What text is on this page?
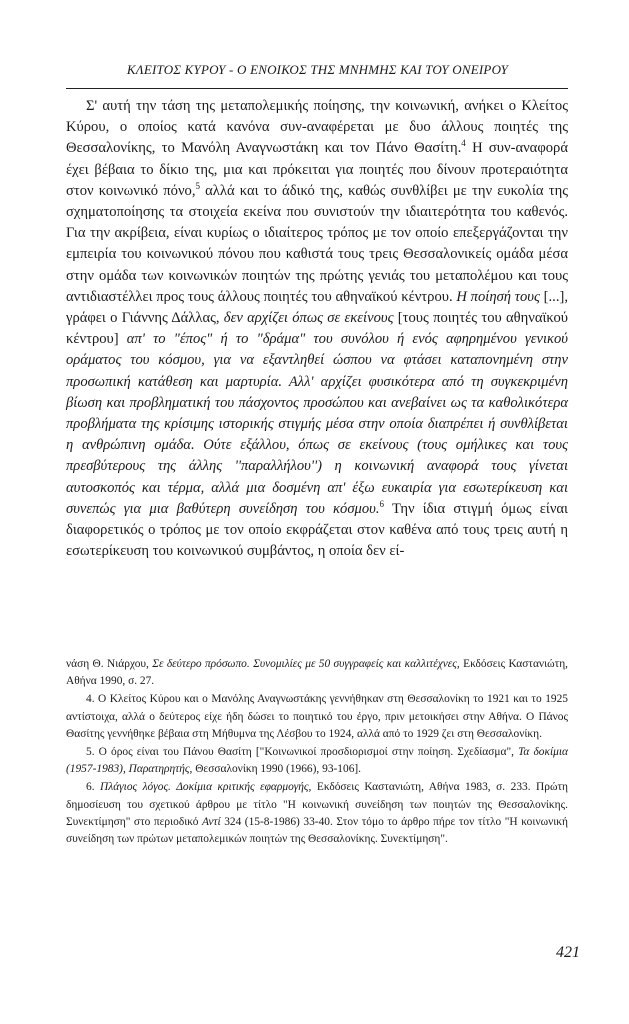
ΚΛΕΙΤΟΣ ΚΥΡΟΥ - Ο ΕΝΟΙΚΟΣ ΤΗΣ ΜΝΗΜΗΣ ΚΑΙ ΤΟΥ ΟΝΕΙΡΟΥ

Σ' αυτή την τάση της μεταπολεμικής ποίησης, την κοινωνική, ανήκει ο Κλείτος Κύρου, ο οποίος κατά κανόνα συν-αναφέρεται με δυο άλλους ποιητές της Θεσσαλονίκης, το Μανόλη Αναγνωστάκη και τον Πάνο Θασίτη.$^4$ Η συν-αναφορά έχει βέβαια το δίκιο της, μια και πρόκειται για ποιητές που δίνουν προτεραιότητα στον κοινωνικό πόνο,$^5$ αλλά και το άδικό της, καθώς συνθλίβει με την ευκολία της σχηματοποίησης τα στοιχεία εκείνα που συνιστούν την ιδιαιτερότητα του καθενός. Για την ακρίβεια, είναι κυρίως ο ιδιαίτερος τρόπος με τον οποίο επεξεργάζονται την εμπειρία του κοινωνικού πόνου που καθιστά τους τρεις Θεσσαλονικείς ομάδα μέσα στην ομάδα των κοινωνικών ποιητών της πρώτης γενιάς του μεταπολέμου και τους αντιδιαστέλλει προς τους άλλους ποιητές του αθηναϊκού κέντρου. Η ποίησή τους [...], γράφει ο Γιάννης Δάλλας, δεν αρχίζει όπως σε εκείνους [τους ποιητές του αθηναϊκού κέντρου] απ' το "έπος" ή το "δράμα" του συνόλου ή ενός αφηρημένου γενικού οράματος του κόσμου, για να εξαντληθεί ώσπου να φτάσει καταπονημένη στην προσωπική κατάθεση και μαρτυρία. Αλλ' αρχίζει φυσικότερα από τη συγκεκριμένη βίωση και προβληματική του πάσχοντος προσώπου και ανεβαίνει ως τα καθολικότερα προβλήματα της κρίσιμης ιστορικής στιγμής μέσα στην οποία διαπρέπει ή συνθλίβεται η ανθρώπινη ομάδα. Ούτε εξάλλου, όπως σε εκείνους (τους ομήλικες και τους πρεσβύτερους της άλλης ''παραλλήλου'') η κοινωνική αναφορά τους γίνεται αυτοσκοπός και τέρμα, αλλά μια δοσμένη απ' έξω ευκαιρία για εσωτερίκευση και συνεπώς για μια βαθύτερη συνείδηση του κόσμου.$^6$ Την ίδια στιγμή όμως είναι διαφορετικός ο τρόπος με τον οποίο εκφράζεται στον καθένα από τους τρεις αυτή η εσωτερίκευση του κοινωνικού συμβάντος, η οποία δεν εί-

νάση Θ. Νιάρχου, Σε δεύτερο πρόσωπο. Συνομιλίες με 50 συγγραφείς και καλλιτέχνες, Εκδόσεις Καστανιώτη, Αθήνα 1990, σ. 27.

4. Ο Κλείτος Κύρου και ο Μανόλης Αναγνωστάκης γεννήθηκαν στη Θεσσαλονίκη το 1921 και το 1925 αντίστοιχα, αλλά ο δεύτερος είχε ήδη δώσει το ποιητικό του έργο, πριν μετοικήσει στην Αθήνα. Ο Πάνος Θασίτης γεννήθηκε βέβαια στη Μήθυμνα της Λέσβου το 1924, αλλά από το 1929 ζει στη Θεσσαλονίκη.

5. Ο όρος είναι του Πάνου Θασίτη ["Κοινωνικοί προσδιορισμοί στην ποίηση. Σχεδίασμα", Τα δοκίμια (1957-1983), Παρατηρητής, Θεσσαλονίκη 1990 (1966), 93-106].

6. Πλάγιος λόγος. Δοκίμια κριτικής εφαρμογής, Εκδόσεις Καστανιώτη, Αθήνα 1983, σ. 233. Πρώτη δημοσίευση του σχετικού άρθρου με τίτλο "Η κοινωνική συνείδηση των ποιητών της Θεσσαλονίκης. Συνεκτίμηση" στο περιοδικό Αντί 324 (15-8-1986) 33-40. Στον τόμο το άρθρο πήρε τον τίτλο "Η κοινωνική συνείδηση των πρώτων μεταπολεμικών ποιητών της Θεσσαλονίκης. Συνεκτίμηση".

421
